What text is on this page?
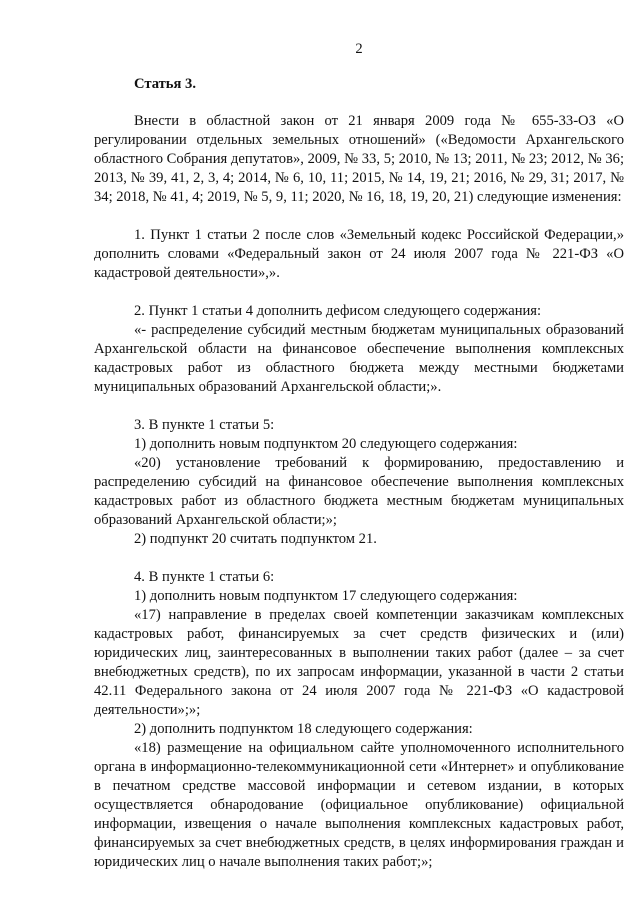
2
Статья 3.

Внести в областной закон от 21 января 2009 года № 655-33-ОЗ «О регулировании отдельных земельных отношений» («Ведомости Архангельского областного Собрания депутатов», 2009, № 33, 5; 2010, № 13; 2011, № 23; 2012, № 36; 2013, № 39, 41, 2, 3, 4; 2014, № 6, 10, 11; 2015, № 14, 19, 21; 2016, № 29, 31; 2017, № 34; 2018, № 41, 4; 2019, № 5, 9, 11; 2020, № 16, 18, 19, 20, 21) следующие изменения:

1. Пункт 1 статьи 2 после слов «Земельный кодекс Российской Федерации,» дополнить словами «Федеральный закон от 24 июля 2007 года № 221-ФЗ «О кадастровой деятельности»,».

2. Пункт 1 статьи 4 дополнить дефисом следующего содержания:

«- распределение субсидий местным бюджетам муниципальных образований Архангельской области на финансовое обеспечение выполнения комплексных кадастровых работ из областного бюджета между местными бюджетами муниципальных образований Архангельской области;».

3. В пункте 1 статьи 5:

1) дополнить новым подпунктом 20 следующего содержания:

«20) установление требований к формированию, предоставлению и распределению субсидий на финансовое обеспечение выполнения комплексных кадастровых работ из областного бюджета местным бюджетам муниципальных образований Архангельской области;»;

2) подпункт 20 считать подпунктом 21.

4. В пункте 1 статьи 6:

1) дополнить новым подпунктом 17 следующего содержания:

«17) направление в пределах своей компетенции заказчикам комплексных кадастровых работ, финансируемых за счет средств физических и (или) юридических лиц, заинтересованных в выполнении таких работ (далее – за счет внебюджетных средств), по их запросам информации, указанной в части 2 статьи 42.11 Федерального закона от 24 июля 2007 года № 221-ФЗ «О кадастровой деятельности»;»;

2) дополнить подпунктом 18 следующего содержания:

«18) размещение на официальном сайте уполномоченного исполнительного органа в информационно-телекоммуникационной сети «Интернет» и опубликование в печатном средстве массовой информации и сетевом издании, в которых осуществляется обнародование (официальное опубликование) официальной информации, извещения о начале выполнения комплексных кадастровых работ, финансируемых за счет внебюджетных средств, в целях информирования граждан и юридических лиц о начале выполнения таких работ;»;
